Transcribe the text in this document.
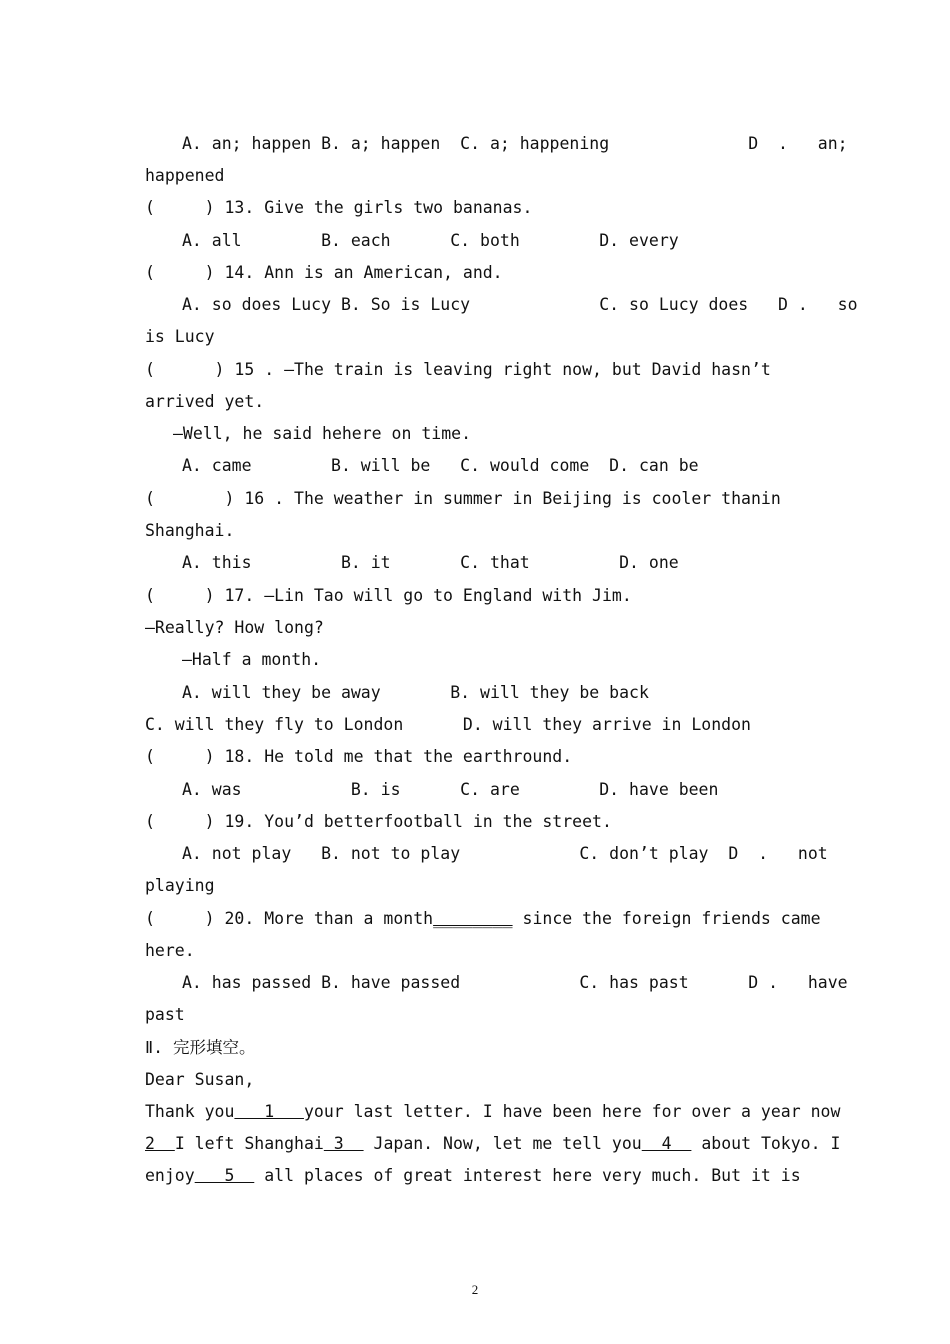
A. an; happen B. a; happen  C. a; happening              D  .   an;
happened
(     ) 13. Give the girls two bananas.
A. all        B. each      C. both        D. every
(     ) 14. Ann is an American, and.
A. so does Lucy B. So is Lucy             C. so Lucy does   D .   so
is Lucy
(      ) 15 . —The train is leaving right now, but David hasn’t
arrived yet.
—Well, he said hehere on time.
A. came        B. will be   C. would come  D. can be
(       ) 16 . The weather in summer in Beijing is cooler thanin
Shanghai.
A. this         B. it       C. that         D. one
(     ) 17. —Lin Tao will go to England with Jim.
—Really? How long?
—Half a month.
A. will they be away       B. will they be back
C. will they fly to London      D. will they arrive in London
(     ) 18. He told me that the earthround.
A. was           B. is      C. are        D. have been
(     ) 19. You’d betterfootball in the street.
A. not play   B. not to play            C. don’t play  D  .   not
playing
(     ) 20. More than a month________ since the foreign friends came
here.
A. has passed B. have passed            C. has past      D .   have
past
Ⅱ. 完形填空。
Dear Susan,
Thank you   1   your last letter. I have been here for over a year now
2  I left Shanghai 3   Japan. Now, let me tell you  4   about Tokyo. I
enjoy   5   all places of great interest here very much. But it is
2
